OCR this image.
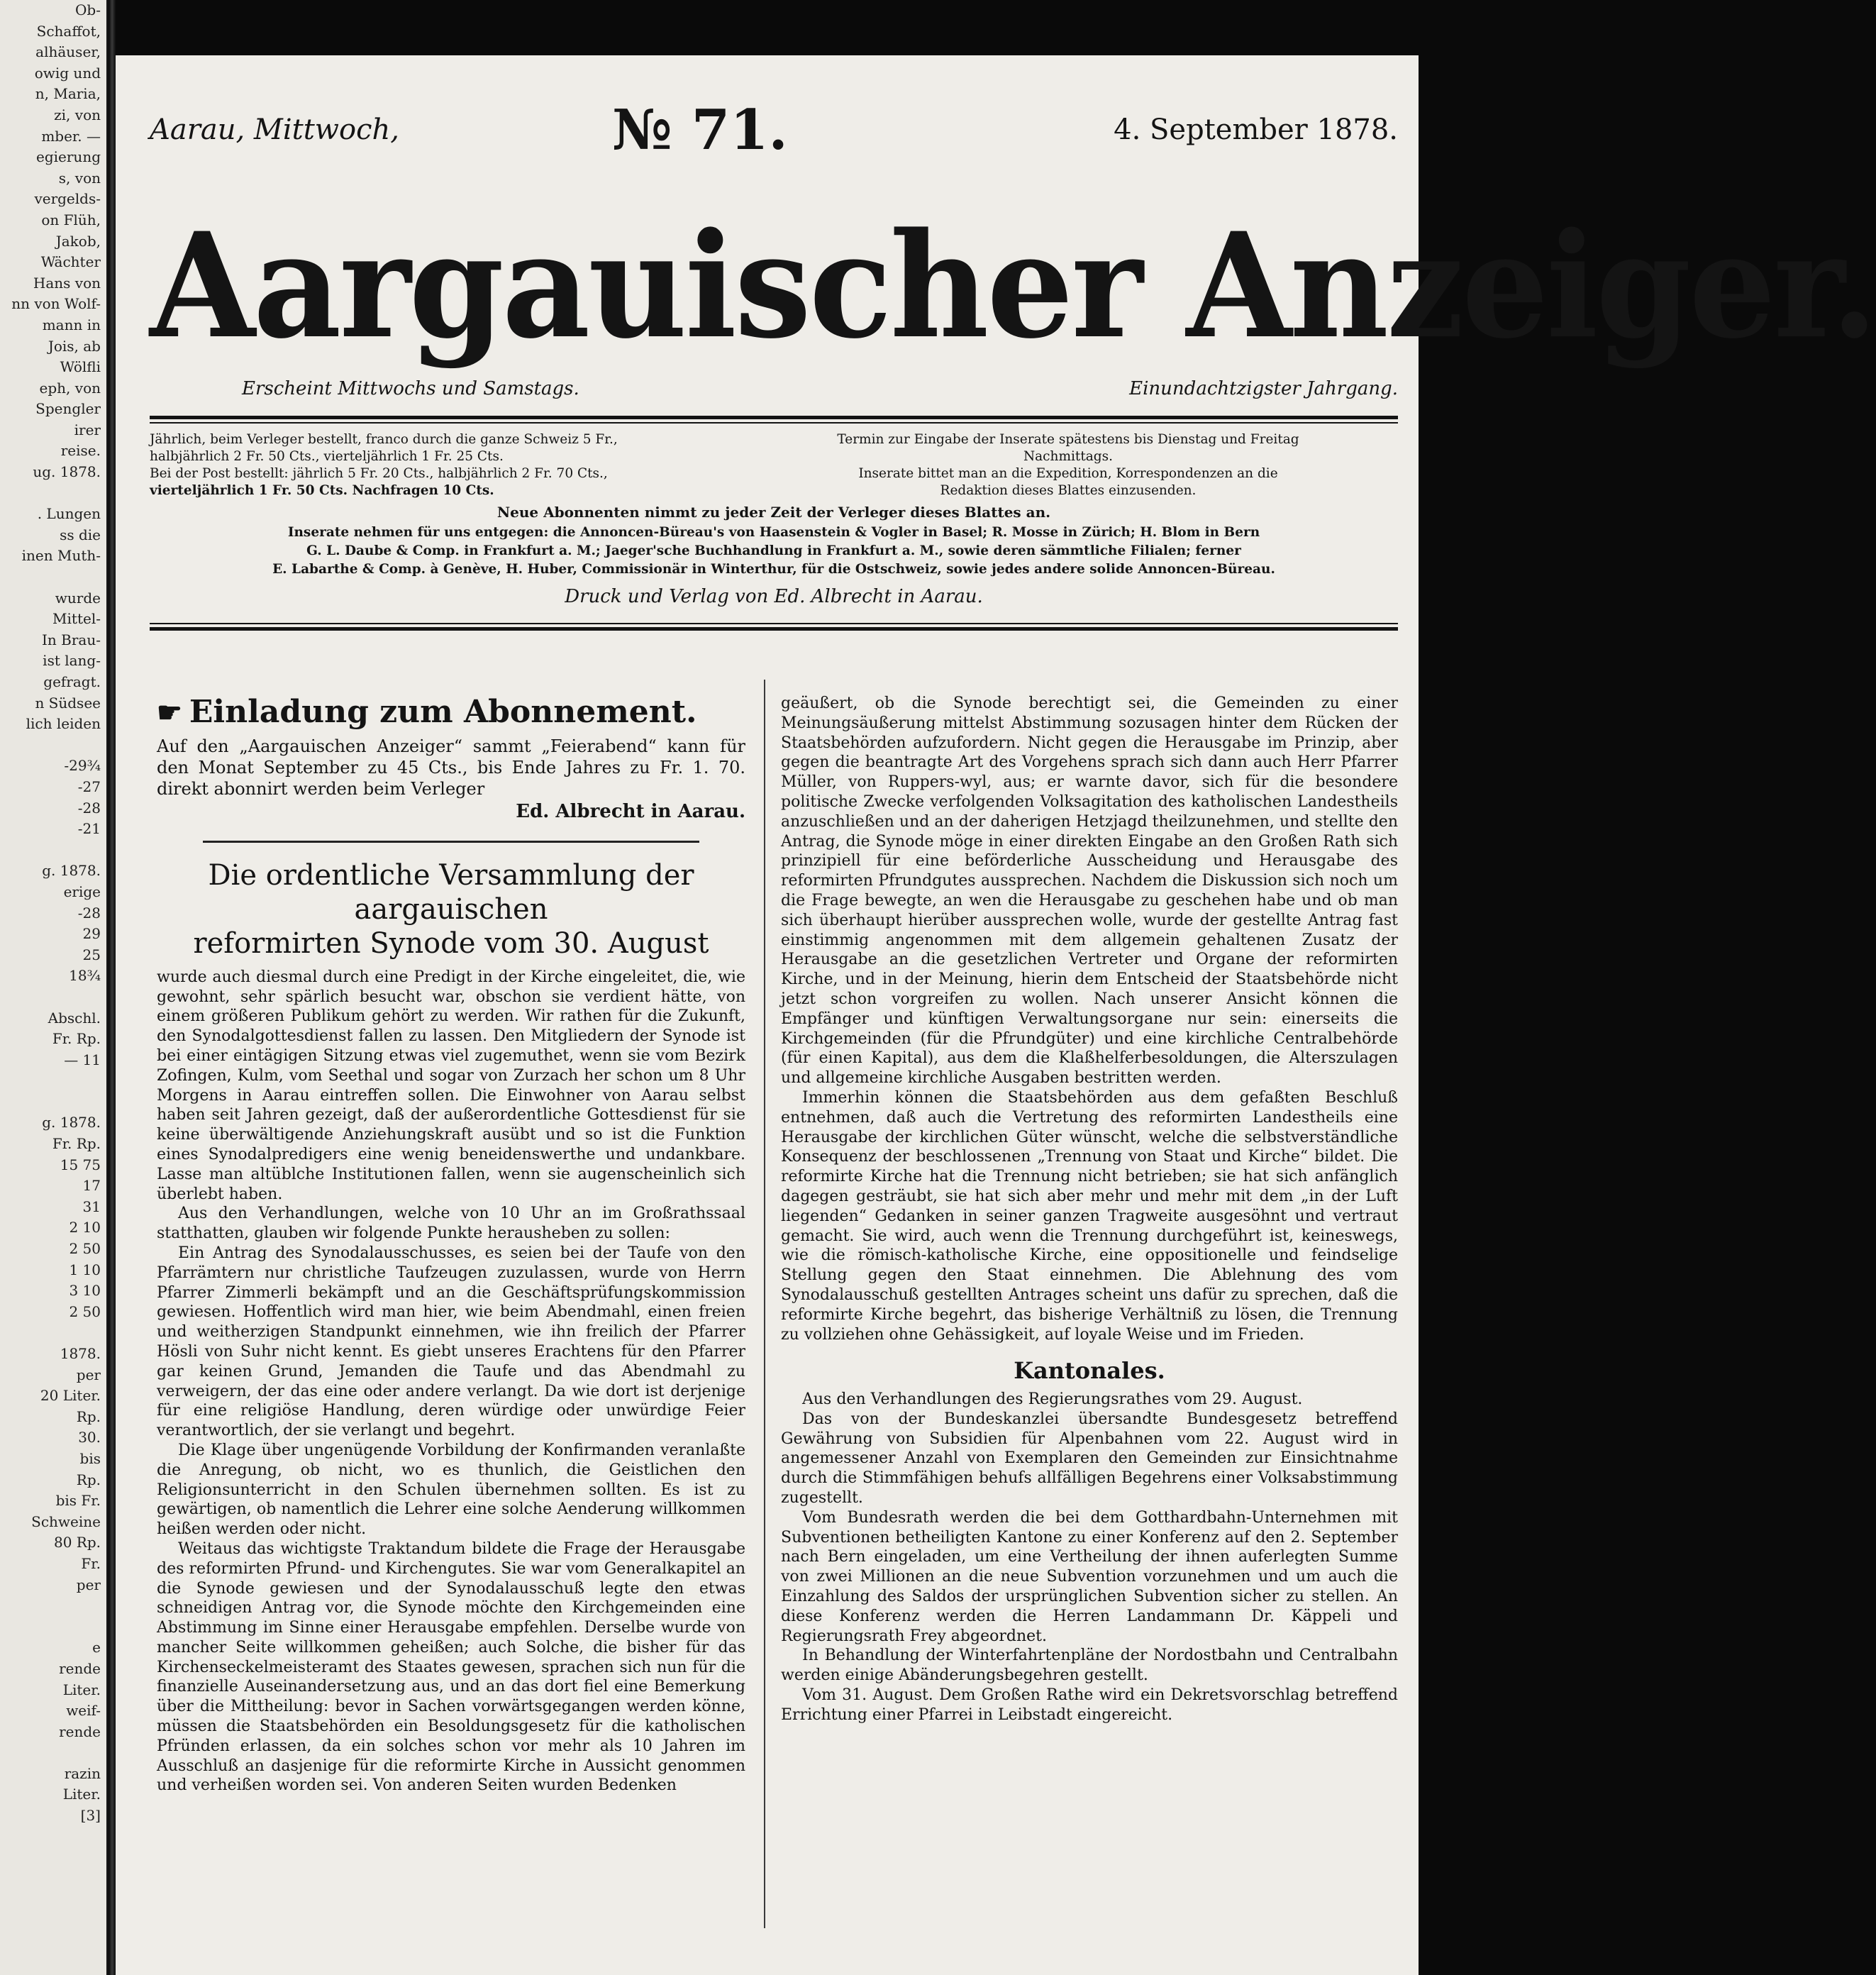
Ob-
Schaffot,
alhäuser,
owig und
n, Maria,
zi, von
mber. —
egierung
s, von
vergelds-
on Flüh,
Jakob,
Wächter
Hans von
nn von Wolf-
mann in
Jois, ab
Wölfli
eph, von
Spengler
irer
reise.
ug. 1878.
. Lungen
ss die
inen Muth-
wurde
Mittel-
In Brau-
ist lang-
gefragt.
n Südsee
lich leiden
-29¾
-27
-28
-21
g. 1878.
erige
-28
29
25
18¾
Abschl.
Fr. Rp.
— 11
g. 1878.
Fr. Rp.
15 75
17
31
2 10
2 50
1 10
3 10
2 50
1878.
per
20 Liter.
Rp.
30.
bis
Rp.
bis Fr.
Schweine
80 Rp.
Fr.
per
e
rende
Liter.
weif-
rende
razin
Liter.
[3]
Aarau, Mittwoch,	№ 71.	4. September 1878.
Aargauischer Anzeiger.
Erscheint Mittwochs und Samstags.	Einundachtzigster Jahrgang.
Jährlich, beim Verleger bestellt, franco durch die ganze Schweiz 5 Fr.,
halbjährlich 2 Fr. 50 Cts., vierteljährlich 1 Fr. 25 Cts.
Bei der Post bestellt: jährlich 5 Fr. 20 Cts., halbjährlich 2 Fr. 70 Cts.,
vierteljährlich 1 Fr. 50 Cts. Nachfragen 10 Cts.
Termin zur Eingabe der Inserate spätestens bis Dienstag und Freitag
Nachmittags.
Inserate bittet man an die Expedition, Korrespondenzen an die
Redaktion dieses Blattes einzusenden.
Neue Abonnenten nimmt zu jeder Zeit der Verleger dieses Blattes an.
Inserate nehmen für uns entgegen: die Annoncen-Büreau's von Haasenstein & Vogler in Basel; R. Mosse in Zürich; H. Blom in Bern
G. L. Daube & Comp. in Frankfurt a. M.; Jaeger'sche Buchhandlung in Frankfurt a. M., sowie deren sämmtliche Filialen; ferner
E. Labarthe & Comp. à Genève, H. Huber, Commissionär in Winterthur, für die Ostschweiz, sowie jedes andere solide Annoncen-Büreau.
Druck und Verlag von Ed. Albrecht in Aarau.
☛ Einladung zum Abonnement.
Auf den „Aargauischen Anzeiger“ sammt „Feierabend“ kann für den Monat September zu 45 Cts., bis Ende Jahres zu Fr. 1. 70. direkt abonnirt werden beim Verleger
Ed. Albrecht in Aarau.
Die ordentliche Versammlung der aargauischen
reformirten Synode vom 30. August

wurde auch diesmal durch eine Predigt in der Kirche eingeleitet, die, wie gewohnt, sehr spärlich besucht war, obschon sie verdient hätte, von einem größeren Publikum gehört zu werden. Wir rathen für die Zukunft, den Synodalgottesdienst fallen zu lassen. Den Mitgliedern der Synode ist bei einer eintägigen Sitzung etwas viel zugemuthet, wenn sie vom Bezirk Zofingen, Kulm, vom Seethal und sogar von Zurzach her schon um 8 Uhr Morgens in Aarau eintreffen sollen. Die Einwohner von Aarau selbst haben seit Jahren gezeigt, daß der außerordentliche Gottesdienst für sie keine überwältigende Anziehungskraft ausübt und so ist die Funktion eines Synodalpredigers eine wenig beneidenswerthe und undankbare. Lasse man altüblche Institutionen fallen, wenn sie augenscheinlich sich überlebt haben.

Aus den Verhandlungen, welche von 10 Uhr an im Großrathssaal statthatten, glauben wir folgende Punkte herausheben zu sollen:

Ein Antrag des Synodalausschusses, es seien bei der Taufe von den Pfarrämtern nur christliche Taufzeugen zuzulassen, wurde von Herrn Pfarrer Zimmerli bekämpft und an die Geschäftsprüfungskommission gewiesen. Hoffentlich wird man hier, wie beim Abendmahl, einen freien und weitherzigen Standpunkt einnehmen, wie ihn freilich der Pfarrer Hösli von Suhr nicht kennt. Es giebt unseres Erachtens für den Pfarrer gar keinen Grund, Jemanden die Taufe und das Abendmahl zu verweigern, der das eine oder andere verlangt. Da wie dort ist derjenige für eine religiöse Handlung, deren würdige oder unwürdige Feier verantwortlich, der sie verlangt und begehrt.

Die Klage über ungenügende Vorbildung der Konfirmanden veranlaßte die Anregung, ob nicht, wo es thunlich, die Geistlichen den Religionsunterricht in den Schulen übernehmen sollten. Es ist zu gewärtigen, ob namentlich die Lehrer eine solche Aenderung willkommen heißen werden oder nicht.

Weitaus das wichtigste Traktandum bildete die Frage der Herausgabe des reformirten Pfrund- und Kirchengutes. Sie war vom Generalkapitel an die Synode gewiesen und der Synodalausschuß legte den etwas schneidigen Antrag vor, die Synode möchte den Kirchgemeinden eine Abstimmung im Sinne einer Herausgabe empfehlen. Derselbe wurde von mancher Seite willkommen geheißen; auch Solche, die bisher für das Kirchenseckelmeisteramt des Staates gewesen, sprachen sich nun für die finanzielle Auseinandersetzung aus, und an das dort fiel eine Bemerkung über die Mittheilung: bevor in Sachen vorwärtsgegangen werden könne, müssen die Staatsbehörden ein Besoldungsgesetz für die katholischen Pfründen erlassen, da ein solches schon vor mehr als 10 Jahren im Ausschluß an dasjenige für die reformirte Kirche in Aussicht genommen und verheißen worden sei. Von anderen Seiten wurden Bedenken

geäußert, ob die Synode berechtigt sei, die Gemeinden zu einer Meinungsäußerung mittelst Abstimmung sozusagen hinter dem Rücken der Staatsbehörden aufzufordern. Nicht gegen die Herausgabe im Prinzip, aber gegen die beantragte Art des Vorgehens sprach sich dann auch Herr Pfarrer Müller, von Ruppers-wyl, aus; er warnte davor, sich für die besondere politische Zwecke verfolgenden Volksagitation des katholischen Landestheils anzuschließen und an der daherigen Hetzjagd theilzunehmen, und stellte den Antrag, die Synode möge in einer direkten Eingabe an den Großen Rath sich prinzipiell für eine beförderliche Ausscheidung und Herausgabe des reformirten Pfrundgutes aussprechen. Nachdem die Diskussion sich noch um die Frage bewegte, an wen die Herausgabe zu geschehen habe und ob man sich überhaupt hierüber aussprechen wolle, wurde der gestellte Antrag fast einstimmig angenommen mit dem allgemein gehaltenen Zusatz der Herausgabe an die gesetzlichen Vertreter und Organe der reformirten Kirche, und in der Meinung, hierin dem Entscheid der Staatsbehörde nicht jetzt schon vorgreifen zu wollen. Nach unserer Ansicht können die Empfänger und künftigen Verwaltungsorgane nur sein: einerseits die Kirchgemeinden (für die Pfrundgüter) und eine kirchliche Centralbehörde (für einen Kapital), aus dem die Klaßhelferbesoldungen, die Alterszulagen und allgemeine kirchliche Ausgaben bestritten werden.

Immerhin können die Staatsbehörden aus dem gefaßten Beschluß entnehmen, daß auch die Vertretung des reformirten Landestheils eine Herausgabe der kirchlichen Güter wünscht, welche die selbstverständliche Konsequenz der beschlossenen „Trennung von Staat und Kirche“ bildet. Die reformirte Kirche hat die Trennung nicht betrieben; sie hat sich anfänglich dagegen gesträubt, sie hat sich aber mehr und mehr mit dem „in der Luft liegenden“ Gedanken in seiner ganzen Tragweite ausgesöhnt und vertraut gemacht. Sie wird, auch wenn die Trennung durchgeführt ist, keineswegs, wie die römisch-katholische Kirche, eine oppositionelle und feindselige Stellung gegen den Staat einnehmen. Die Ablehnung des vom Synodalausschuß gestellten Antrages scheint uns dafür zu sprechen, daß die reformirte Kirche begehrt, das bisherige Verhältniß zu lösen, die Trennung zu vollziehen ohne Gehässigkeit, auf loyale Weise und im Frieden.

Kantonales.

Aus den Verhandlungen des Regierungsrathes vom 29. August.

Das von der Bundeskanzlei übersandte Bundesgesetz betreffend Gewährung von Subsidien für Alpenbahnen vom 22. August wird in angemessener Anzahl von Exemplaren den Gemeinden zur Einsichtnahme durch die Stimmfähigen behufs allfälligen Begehrens einer Volksabstimmung zugestellt.

Vom Bundesrath werden die bei dem Gotthardbahn-Unternehmen mit Subventionen betheiligten Kantone zu einer Konferenz auf den 2. September nach Bern eingeladen, um eine Vertheilung der ihnen auferlegten Summe von zwei Millionen an die neue Subvention vorzunehmen und um auch die Einzahlung des Saldos der ursprünglichen Subvention sicher zu stellen. An diese Konferenz werden die Herren Landammann Dr. Käppeli und Regierungsrath Frey abgeordnet.

In Behandlung der Winterfahrtenpläne der Nordostbahn und Centralbahn werden einige Abänderungsbegehren gestellt.

Vom 31. August. Dem Großen Rathe wird ein Dekretsvorschlag betreffend Errichtung einer Pfarrei in Leibstadt eingereicht.
